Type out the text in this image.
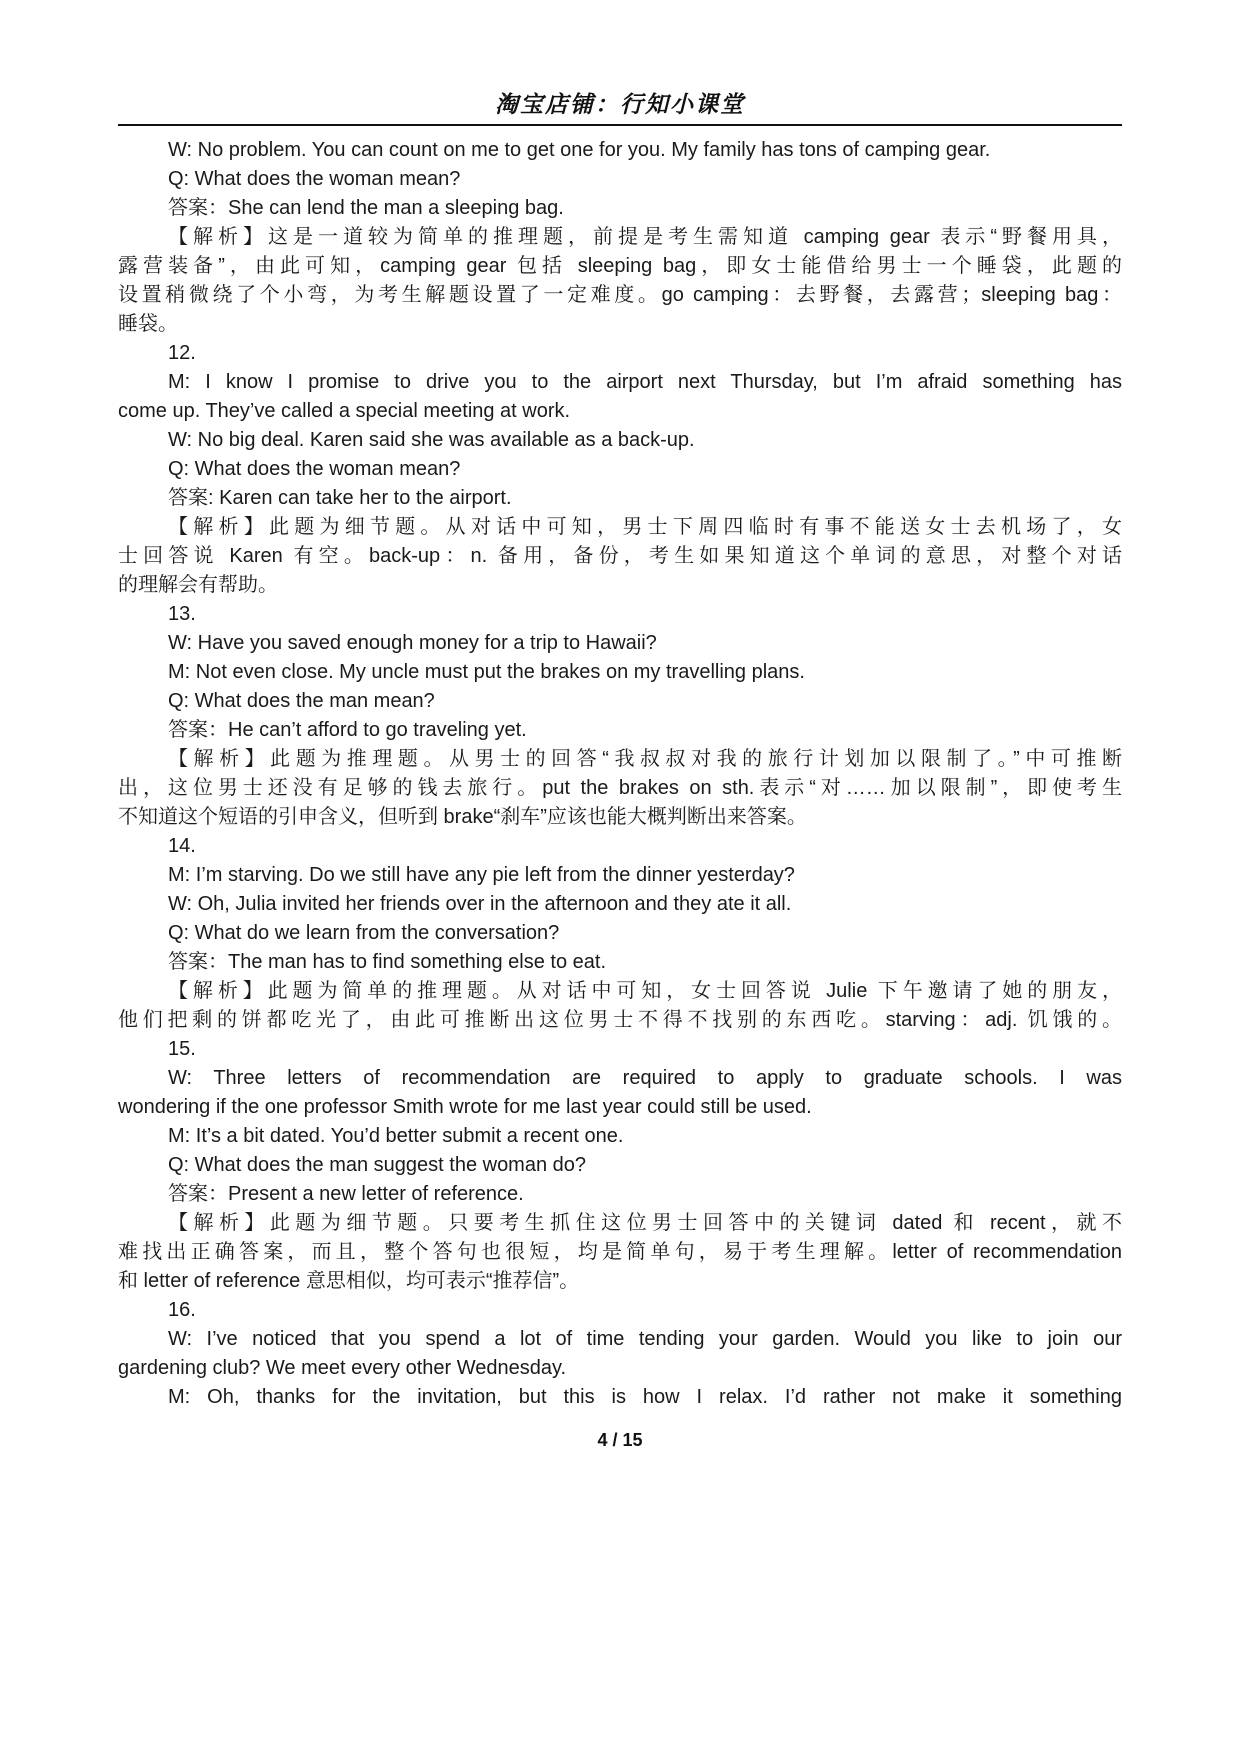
淘宝店铺：行知小课堂
W: No problem. You can count on me to get one for you. My family has tons of camping gear.
Q: What does the woman mean?
答案：She can lend the man a sleeping bag.
【解析】这是一道较为简单的推理题，前提是考生需知道 camping gear 表示“野餐用具，
露营装备”，由此可知，camping gear 包括 sleeping bag，即女士能借给男士一个睡袋，此题的
设置稍微绕了个小弯，为考生解题设置了一定难度。go camping：去野餐，去露营；sleeping bag：
睡袋。
12.
M: I know I promise to drive you to the airport next Thursday, but I’m afraid something has
come up. They’ve called a special meeting at work.
W: No big deal. Karen said she was available as a back-up.
Q: What does the woman mean?
答案: Karen can take her to the airport.
【解析】此题为细节题。从对话中可知，男士下周四临时有事不能送女士去机场了，女
士回答说 Karen 有空。back-up：n. 备用，备份，考生如果知道这个单词的意思，对整个对话
的理解会有帮助。
13.
W: Have you saved enough money for a trip to Hawaii?
M: Not even close. My uncle must put the brakes on my travelling plans.
Q: What does the man mean?
答案：He can’t afford to go traveling yet.
【解析】此题为推理题。从男士的回答“我叔叔对我的旅行计划加以限制了。”中可推断
出，这位男士还没有足够的钱去旅行。put the brakes on sth.表示“对……加以限制”，即使考生
不知道这个短语的引申含义，但听到 brake“刹车”应该也能大概判断出来答案。
14.
M: I’m starving. Do we still have any pie left from the dinner yesterday?
W: Oh, Julia invited her friends over in the afternoon and they ate it all.
Q: What do we learn from the conversation?
答案：The man has to find something else to eat.
【解析】此题为简单的推理题。从对话中可知，女士回答说 Julie 下午邀请了她的朋友，
他们把剩的饼都吃光了，由此可推断出这位男士不得不找别的东西吃。starving：adj. 饥饿的。
15.
W: Three letters of recommendation are required to apply to graduate schools. I was
wondering if the one professor Smith wrote for me last year could still be used.
M: It’s a bit dated. You’d better submit a recent one.
Q: What does the man suggest the woman do?
答案：Present a new letter of reference.
【解析】此题为细节题。只要考生抓住这位男士回答中的关键词 dated 和 recent，就不
难找出正确答案，而且，整个答句也很短，均是简单句，易于考生理解。letter of recommendation
和 letter of reference 意思相似，均可表示“推荐信”。
16.
W: I’ve noticed that you spend a lot of time tending your garden. Would you like to join our
gardening club? We meet every other Wednesday.
M: Oh, thanks for the invitation, but this is how I relax. I’d rather not make it something
4 / 15
